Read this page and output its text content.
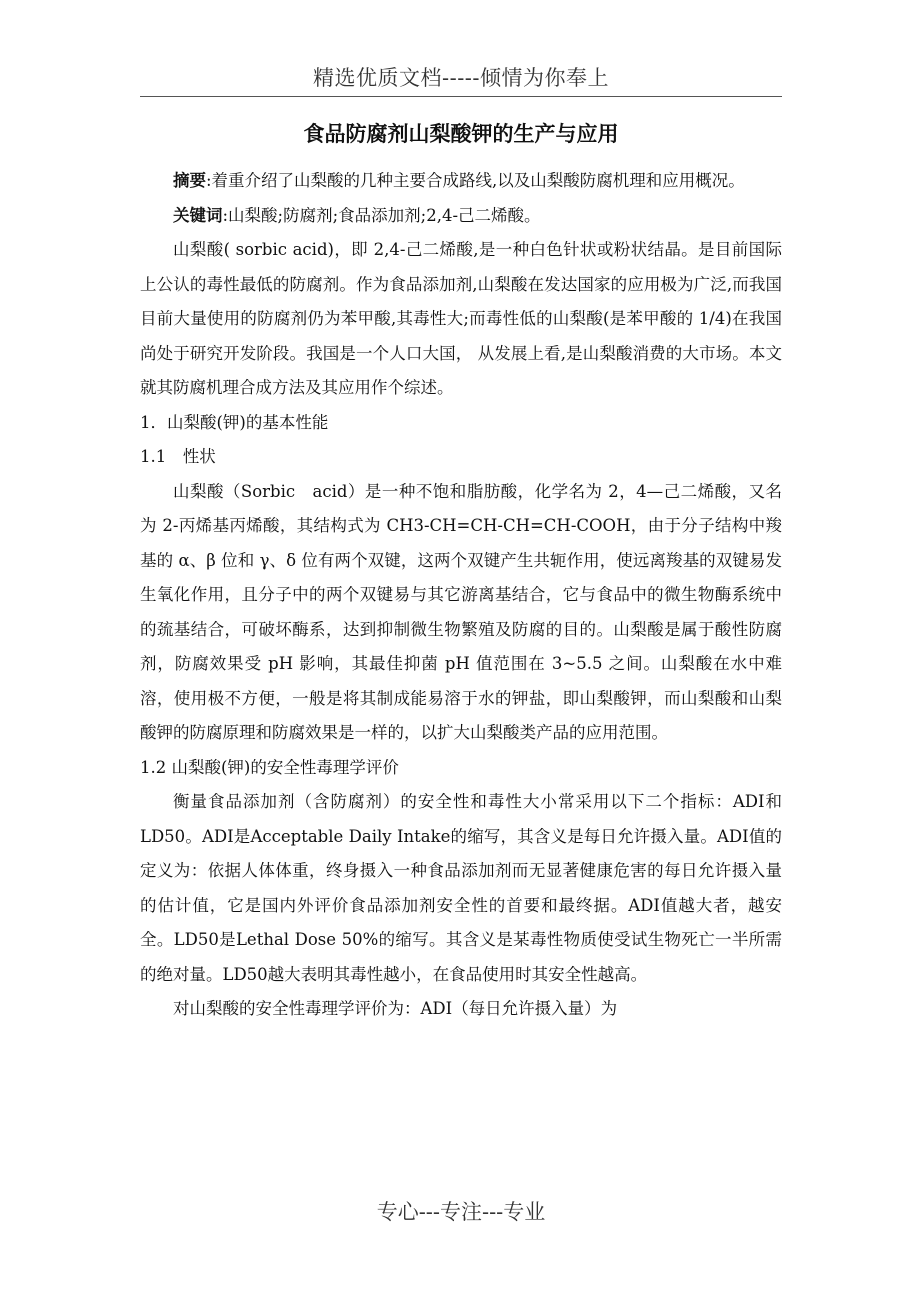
精选优质文档-----倾情为你奉上
食品防腐剂山梨酸钾的生产与应用

摘要:着重介绍了山梨酸的几种主要合成路线,以及山梨酸防腐机理和应用概况。

关键词:山梨酸;防腐剂;食品添加剂;2,4-己二烯酸。

山梨酸( sorbic acid)，即 2,4-己二烯酸,是一种白色针状或粉状结晶。是目前国际上公认的毒性最低的防腐剂。作为食品添加剂,山梨酸在发达国家的应用极为广泛,而我国目前大量使用的防腐剂仍为苯甲酸,其毒性大;而毒性低的山梨酸(是苯甲酸的 1/4)在我国尚处于研究开发阶段。我国是一个人口大国， 从发展上看,是山梨酸消费的大市场。本文就其防腐机理合成方法及其应用作个综述。

1．山梨酸(钾)的基本性能

1.1　性状

山梨酸（Sorbic　acid）是一种不饱和脂肪酸，化学名为 2，4—己二烯酸，又名为 2-丙烯基丙烯酸，其结构式为 CH3-CH=CH-CH=CH-COOH，由于分子结构中羧基的 α、β 位和 γ、δ 位有两个双键，这两个双键产生共轭作用，使远离羧基的双键易发生氧化作用，且分子中的两个双键易与其它游离基结合，它与食品中的微生物酶系统中的巯基结合，可破坏酶系，达到抑制微生物繁殖及防腐的目的。山梨酸是属于酸性防腐剂，防腐效果受 pH 影响，其最佳抑菌 pH 值范围在 3~5.5 之间。山梨酸在水中难溶，使用极不方便，一般是将其制成能易溶于水的钾盐，即山梨酸钾，而山梨酸和山梨酸钾的防腐原理和防腐效果是一样的，以扩大山梨酸类产品的应用范围。

1.2 山梨酸(钾)的安全性毒理学评价

衡量食品添加剂（含防腐剂）的安全性和毒性大小常采用以下二个指标：ADI和LD50。ADI是Acceptable Daily Intake的缩写，其含义是每日允许摄入量。ADI值的定义为：依据人体体重，终身摄入一种食品添加剂而无显著健康危害的每日允许摄入量的估计值，它是国内外评价食品添加剂安全性的首要和最终据。ADI值越大者，越安全。LD50是Lethal Dose 50%的缩写。其含义是某毒性物质使受试生物死亡一半所需的绝对量。LD50越大表明其毒性越小，在食品使用时其安全性越高。

对山梨酸的安全性毒理学评价为：ADI（每日允许摄入量）为

专心---专注---专业
